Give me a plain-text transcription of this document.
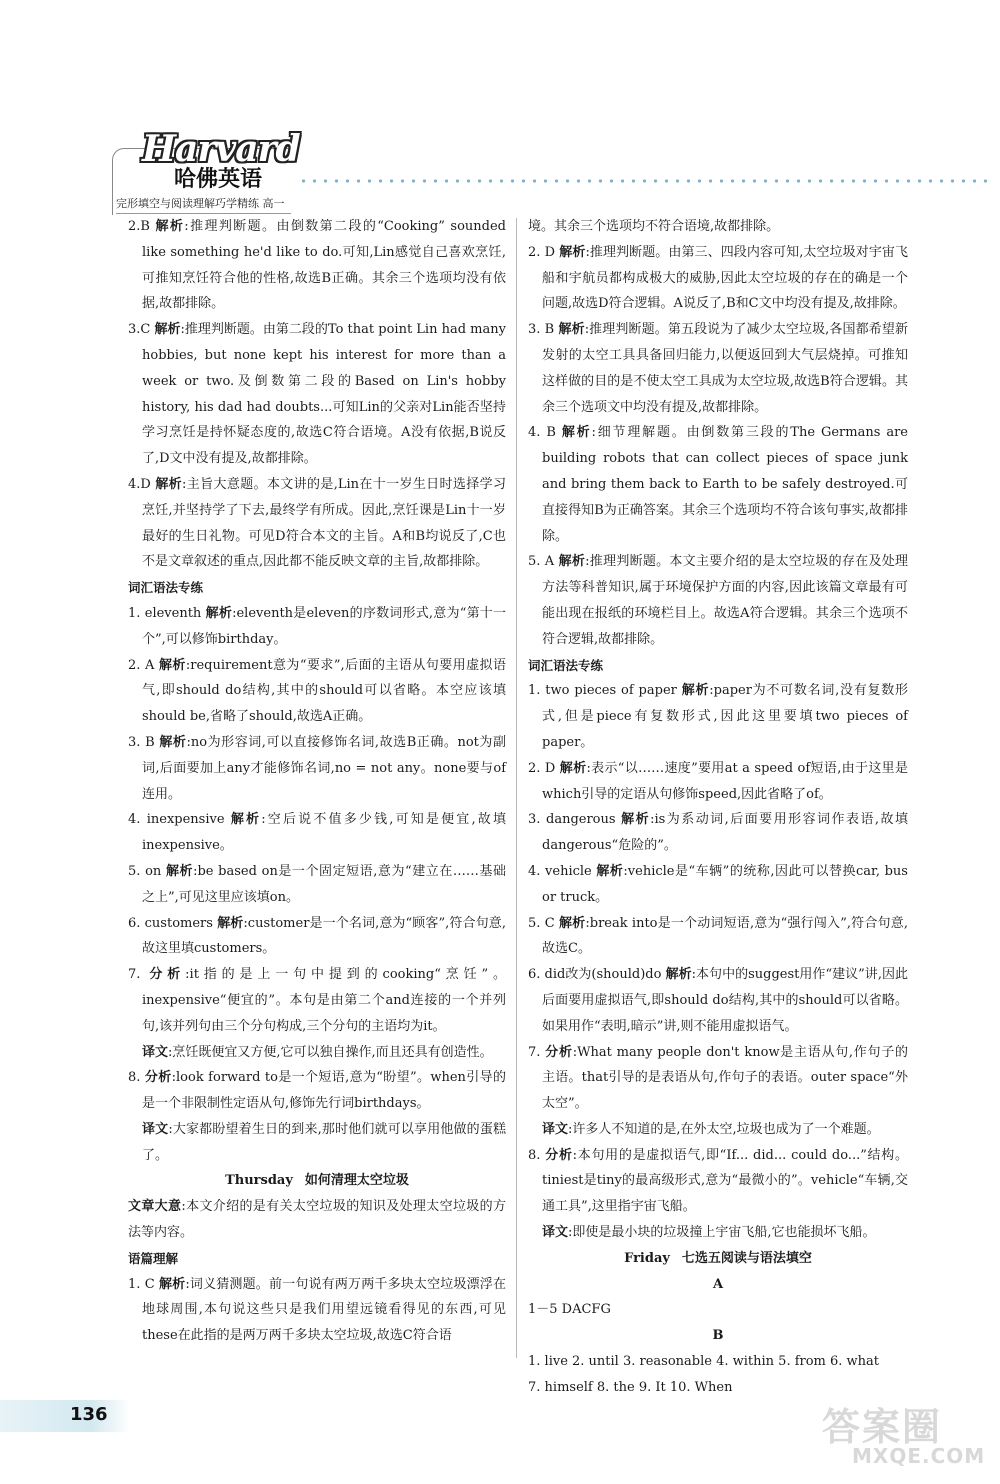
Harvard
哈佛英语
完形填空与阅读理解巧学精练 高一

2.B 解析:推理判断题。由倒数第二段的“Cooking” sounded like something he'd like to do.可知,Lin感觉自己喜欢烹饪,可推知烹饪符合他的性格,故选B正确。其余三个选项均没有依据,故都排除。

3.C 解析:推理判断题。由第二段的To that point Lin had many hobbies, but none kept his interest for more than a week or two.及倒数第二段的Based on Lin's hobby history, his dad had doubts...可知Lin的父亲对Lin能否坚持学习烹饪是持怀疑态度的,故选C符合语境。A没有依据,B说反了,D文中没有提及,故都排除。

4.D 解析:主旨大意题。本文讲的是,Lin在十一岁生日时选择学习烹饪,并坚持学了下去,最终学有所成。因此,烹饪课是Lin十一岁最好的生日礼物。可见D符合本文的主旨。A和B均说反了,C也不是文章叙述的重点,因此都不能反映文章的主旨,故都排除。

词汇语法专练

1. eleventh 解析:eleventh是eleven的序数词形式,意为“第十一个”,可以修饰birthday。

2. A 解析:requirement意为“要求”,后面的主语从句要用虚拟语气,即should do结构,其中的should可以省略。本空应该填should be,省略了should,故选A正确。

3. B 解析:no为形容词,可以直接修饰名词,故选B正确。not为副词,后面要加上any才能修饰名词,no = not any。none要与of连用。

4. inexpensive 解析:空后说不值多少钱,可知是便宜,故填inexpensive。

5. on 解析:be based on是一个固定短语,意为“建立在……基础之上”,可见这里应该填on。

6. customers 解析:customer是一个名词,意为“顾客”,符合句意,故这里填customers。

7. 分析:it指的是上一句中提到的cooking“烹饪”。inexpensive“便宜的”。本句是由第二个and连接的一个并列句,该并列句由三个分句构成,三个分句的主语均为it。

译文:烹饪既便宜又方便,它可以独自操作,而且还具有创造性。

8. 分析:look forward to是一个短语,意为“盼望”。when引导的是一个非限制性定语从句,修饰先行词birthdays。

译文:大家都盼望着生日的到来,那时他们就可以享用他做的蛋糕了。

Thursday 如何清理太空垃圾

文章大意:本文介绍的是有关太空垃圾的知识及处理太空垃圾的方法等内容。

语篇理解

1. C 解析:词义猜测题。前一句说有两万两千多块太空垃圾漂浮在地球周围,本句说这些只是我们用望远镜看得见的东西,可见these在此指的是两万两千多块太空垃圾,故选C符合语

境。其余三个选项均不符合语境,故都排除。

2. D 解析:推理判断题。由第三、四段内容可知,太空垃圾对宇宙飞船和宇航员都构成极大的威胁,因此太空垃圾的存在的确是一个问题,故选D符合逻辑。A说反了,B和C文中均没有提及,故排除。

3. B 解析:推理判断题。第五段说为了减少太空垃圾,各国都希望新发射的太空工具具备回归能力,以便返回到大气层烧掉。可推知这样做的目的是不使太空工具成为太空垃圾,故选B符合逻辑。其余三个选项文中均没有提及,故都排除。

4. B 解析:细节理解题。由倒数第三段的The Germans are building robots that can collect pieces of space junk and bring them back to Earth to be safely destroyed.可直接得知B为正确答案。其余三个选项均不符合该句事实,故都排除。

5. A 解析:推理判断题。本文主要介绍的是太空垃圾的存在及处理方法等科普知识,属于环境保护方面的内容,因此该篇文章最有可能出现在报纸的环境栏目上。故选A符合逻辑。其余三个选项不符合逻辑,故都排除。

词汇语法专练

1. two pieces of paper 解析:paper为不可数名词,没有复数形式,但是piece有复数形式,因此这里要填two pieces of paper。

2. D 解析:表示“以……速度”要用at a speed of短语,由于这里是which引导的定语从句修饰speed,因此省略了of。

3. dangerous 解析:is为系动词,后面要用形容词作表语,故填dangerous“危险的”。

4. vehicle 解析:vehicle是“车辆”的统称,因此可以替换car, bus or truck。

5. C 解析:break into是一个动词短语,意为“强行闯入”,符合句意,故选C。

6. did改为(should)do 解析:本句中的suggest用作“建议”讲,因此后面要用虚拟语气,即should do结构,其中的should可以省略。如果用作“表明,暗示”讲,则不能用虚拟语气。

7. 分析:What many people don't know是主语从句,作句子的主语。that引导的是表语从句,作句子的表语。outer space“外太空”。

译文:许多人不知道的是,在外太空,垃圾也成为了一个难题。

8. 分析:本句用的是虚拟语气,即“If... did... could do...”结构。tiniest是tiny的最高级形式,意为“最微小的”。vehicle“车辆,交通工具”,这里指宇宙飞船。

译文:即使是最小块的垃圾撞上宇宙飞船,它也能损坏飞船。

Friday 七选五阅读与语法填空

A

1－5 DACFG

B

1. live 2. until 3. reasonable 4. within 5. from 6. what

7. himself 8. the 9. It 10. When

136	答案圈
MXQE.COM
